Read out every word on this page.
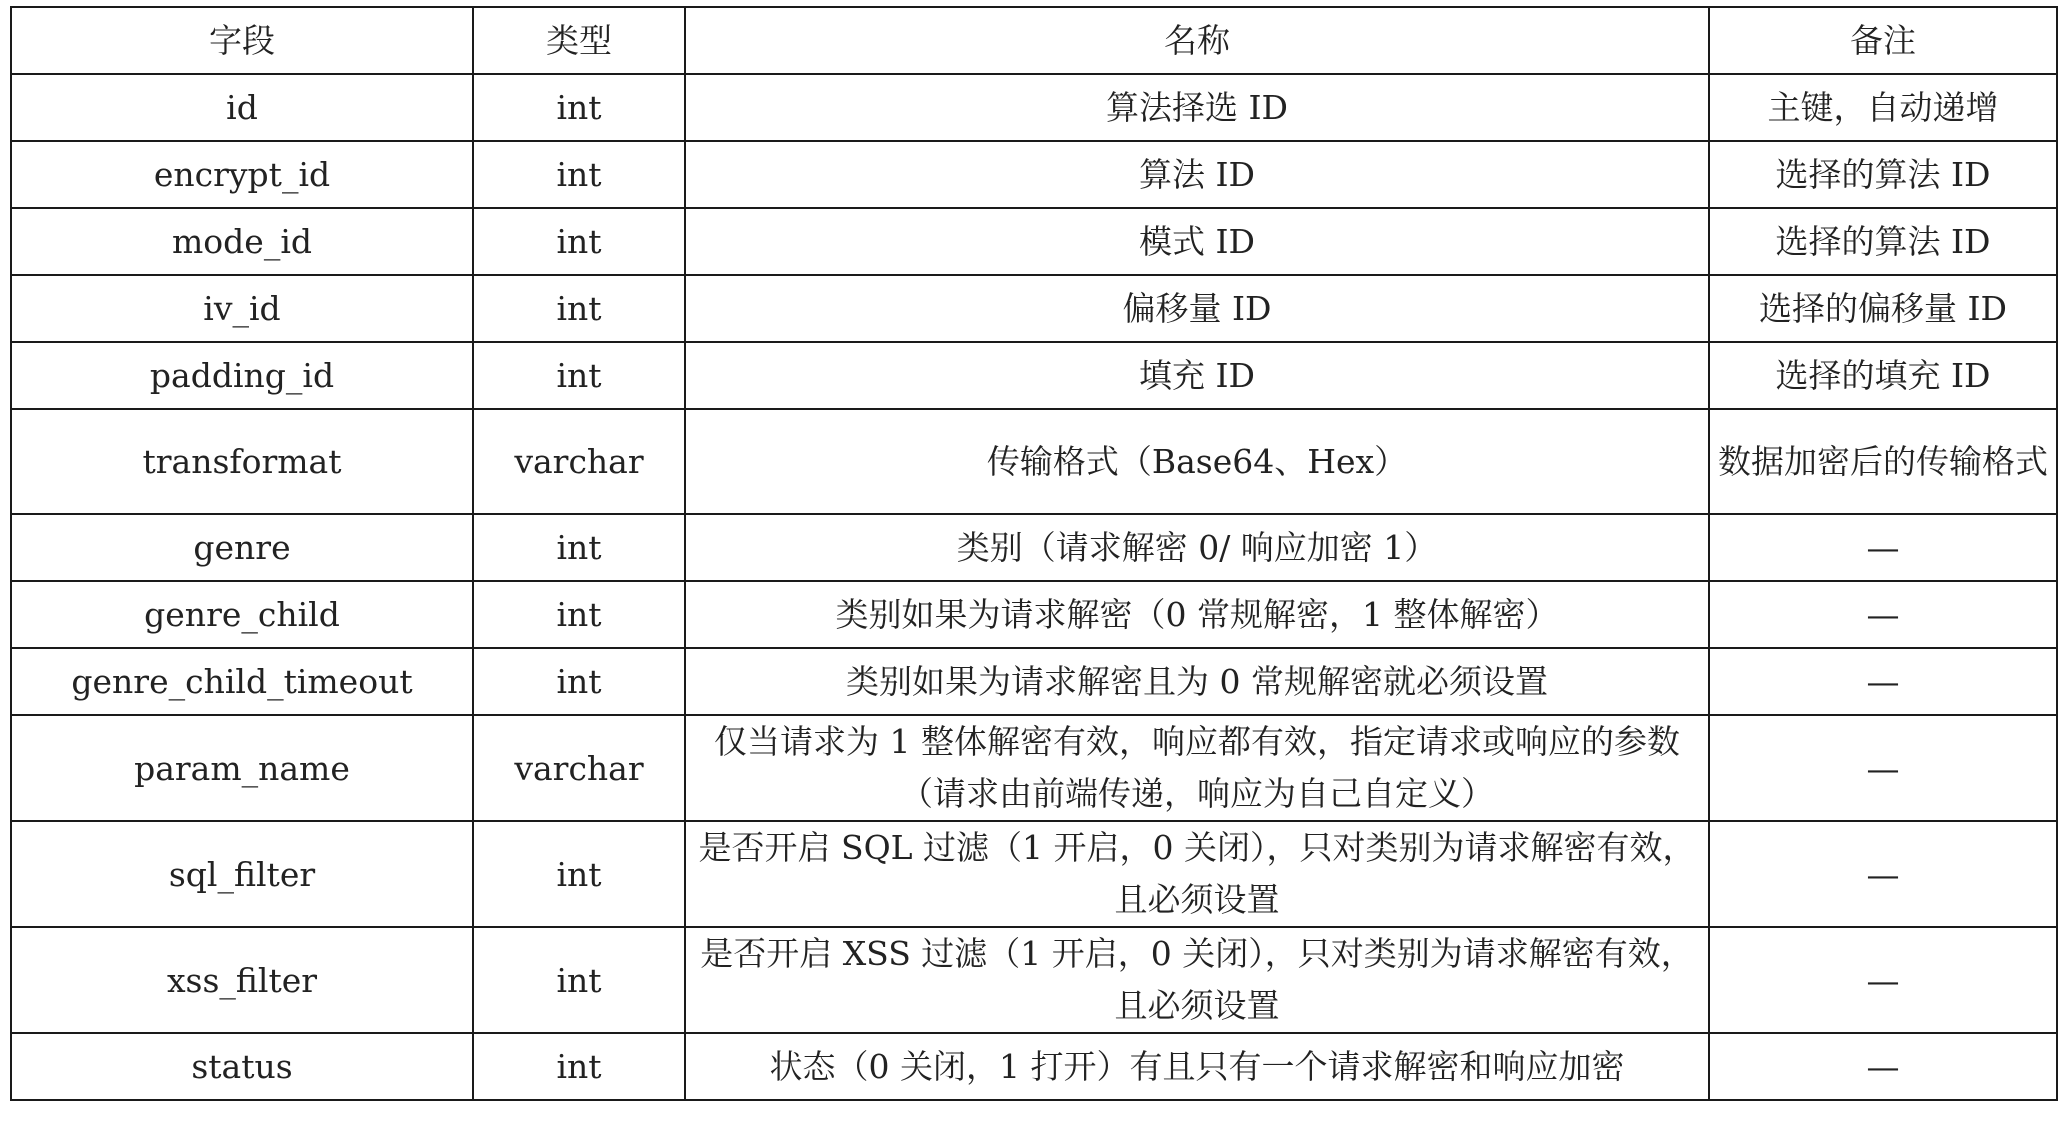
字段	类型	名称	备注
id	int	算法择选 ID	主键，自动递增
encrypt_id	int	算法 ID	选择的算法 ID
mode_id	int	模式 ID	选择的算法 ID
iv_id	int	偏移量 ID	选择的偏移量 ID
padding_id	int	填充 ID	选择的填充 ID
transformat	varchar	传输格式（Base64、Hex）	数据加密后的传输格式

genre	int	类别（请求解密 0/ 响应加密 1）	—
genre_child	int	类别如果为请求解密（0 常规解密，1 整体解密）	—
genre_child_timeout	int	类别如果为请求解密且为 0 常规解密就必须设置	—
param_name	varchar	仅当请求为 1 整体解密有效，响应都有效，指定请求或响应的参数（请求由前端传递，响应为自己自定义）	—
sql_filter	int	是否开启 SQL 过滤（1 开启，0 关闭），只对类别为请求解密有效，且必须设置	—
xss_filter	int	是否开启 XSS 过滤（1 开启，0 关闭），只对类别为请求解密有效，且必须设置	—
status	int	状态（0 关闭，1 打开）有且只有一个请求解密和响应加密	—
